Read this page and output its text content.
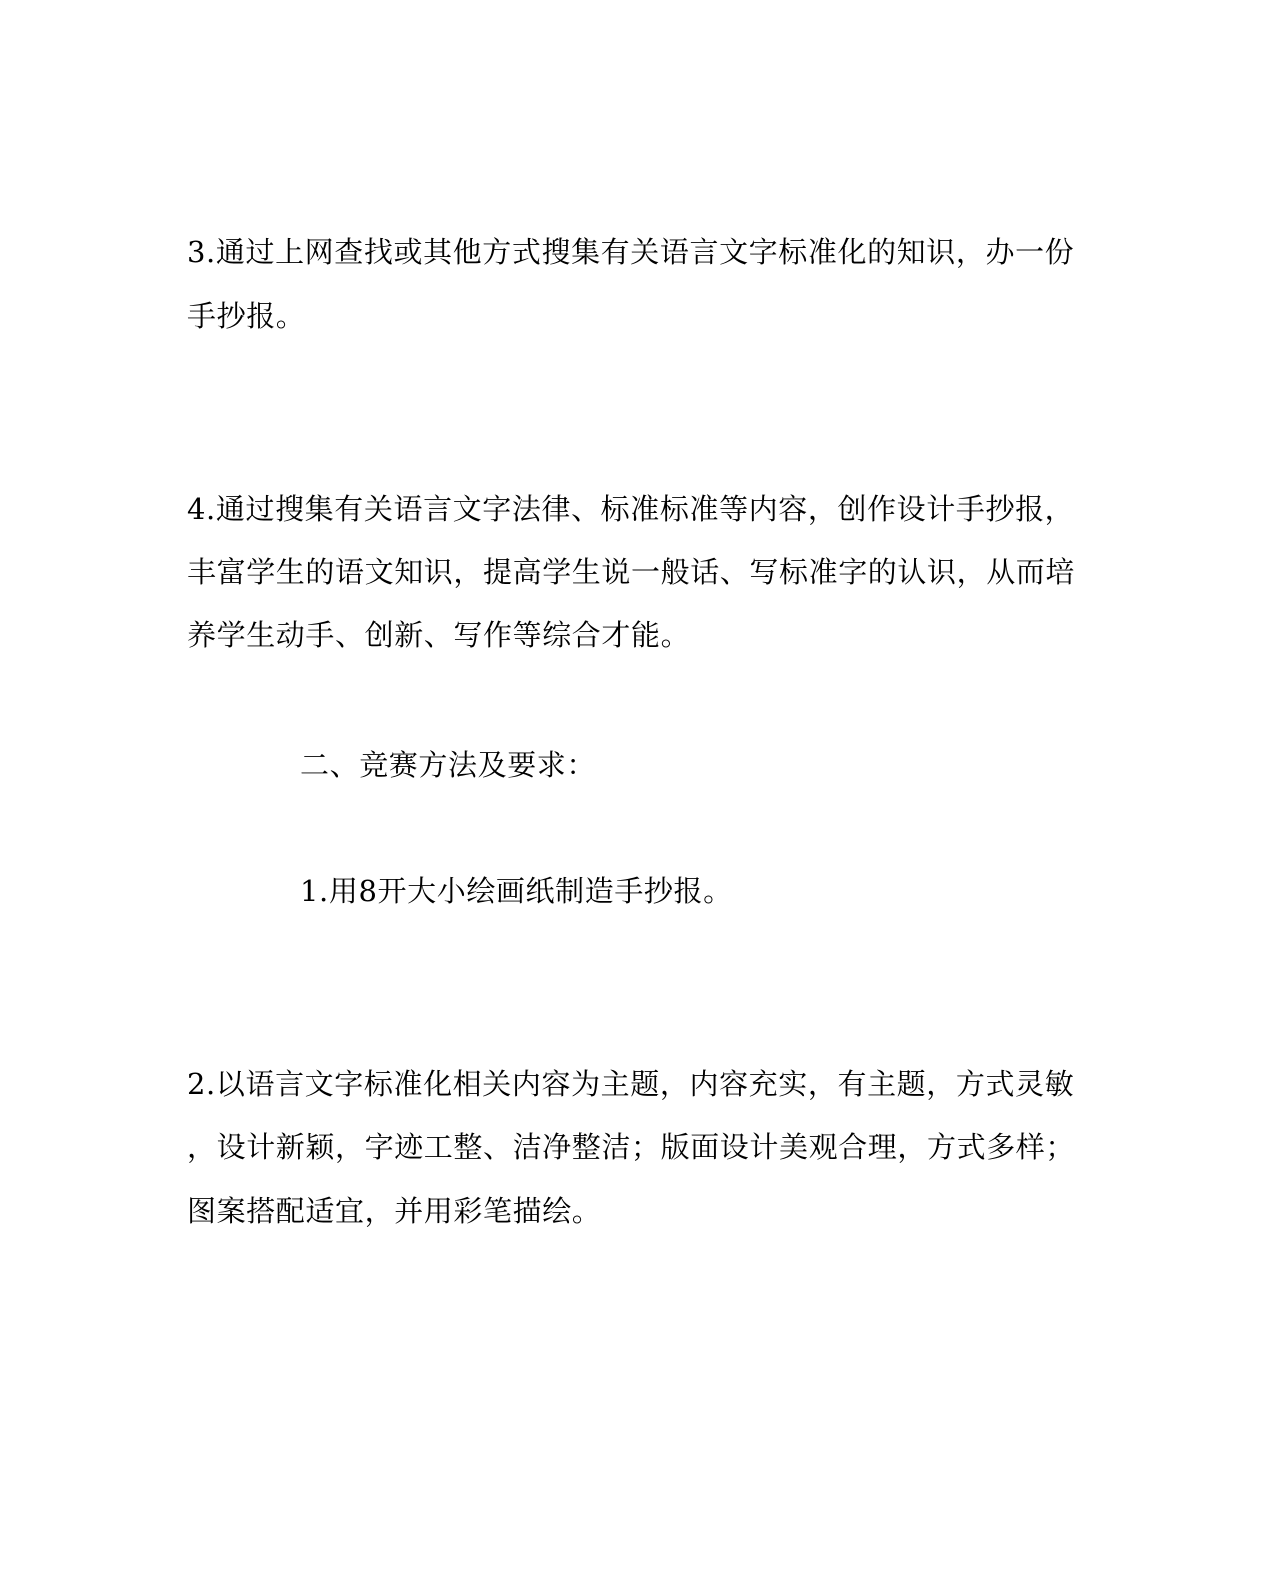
3.通过上网查找或其他方式搜集有关语言文字标准化的知识，办一份
手抄报。
4.通过搜集有关语言文字法律、标准标准等内容，创作设计手抄报，
丰富学生的语文知识，提高学生说一般话、写标准字的认识，从而培
养学生动手、创新、写作等综合才能。
二、竞赛方法及要求：
1.用8开大小绘画纸制造手抄报。
2.以语言文字标准化相关内容为主题，内容充实，有主题，方式灵敏
，设计新颖，字迹工整、洁净整洁；版面设计美观合理，方式多样；
图案搭配适宜，并用彩笔描绘。
